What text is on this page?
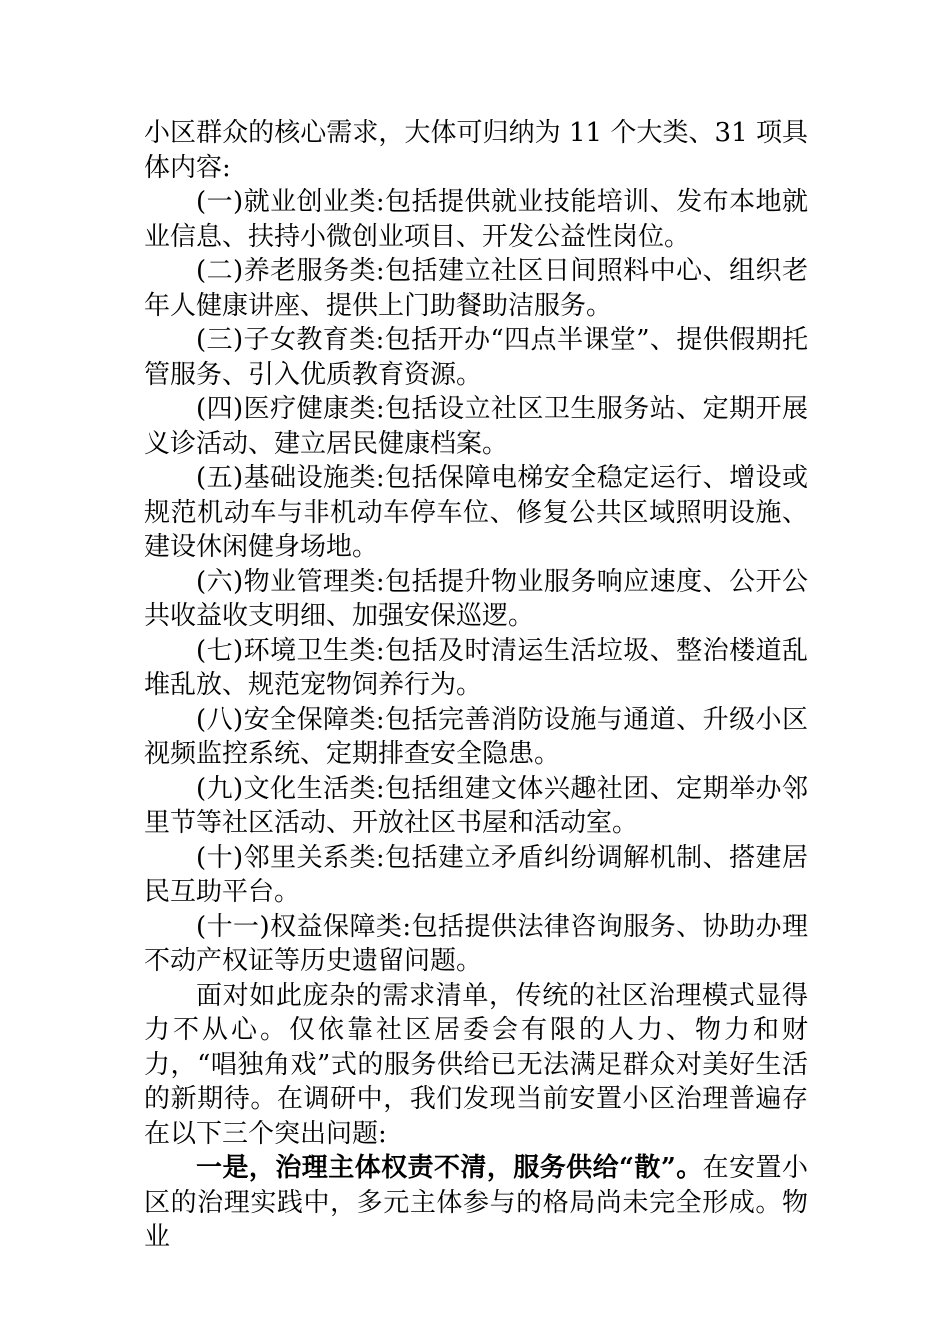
小区群众的核心需求，大体可归纳为 11 个大类、31 项具体内容:

(一)就业创业类:包括提供就业技能培训、发布本地就业信息、扶持小微创业项目、开发公益性岗位。

(二)养老服务类:包括建立社区日间照料中心、组织老年人健康讲座、提供上门助餐助洁服务。

(三)子女教育类:包括开办“四点半课堂”、提供假期托管服务、引入优质教育资源。

(四)医疗健康类:包括设立社区卫生服务站、定期开展义诊活动、建立居民健康档案。

(五)基础设施类:包括保障电梯安全稳定运行、增设或规范机动车与非机动车停车位、修复公共区域照明设施、建设休闲健身场地。

(六)物业管理类:包括提升物业服务响应速度、公开公共收益收支明细、加强安保巡逻。

(七)环境卫生类:包括及时清运生活垃圾、整治楼道乱堆乱放、规范宠物饲养行为。

(八)安全保障类:包括完善消防设施与通道、升级小区视频监控系统、定期排查安全隐患。

(九)文化生活类:包括组建文体兴趣社团、定期举办邻里节等社区活动、开放社区书屋和活动室。

(十)邻里关系类:包括建立矛盾纠纷调解机制、搭建居民互助平台。

(十一)权益保障类:包括提供法律咨询服务、协助办理不动产权证等历史遗留问题。

面对如此庞杂的需求清单，传统的社区治理模式显得力不从心。仅依靠社区居委会有限的人力、物力和财力，“唱独角戏”式的服务供给已无法满足群众对美好生活的新期待。在调研中，我们发现当前安置小区治理普遍存在以下三个突出问题:

一是，治理主体权责不清，服务供给“散”。在安置小区的治理实践中，多元主体参与的格局尚未完全形成。物业
